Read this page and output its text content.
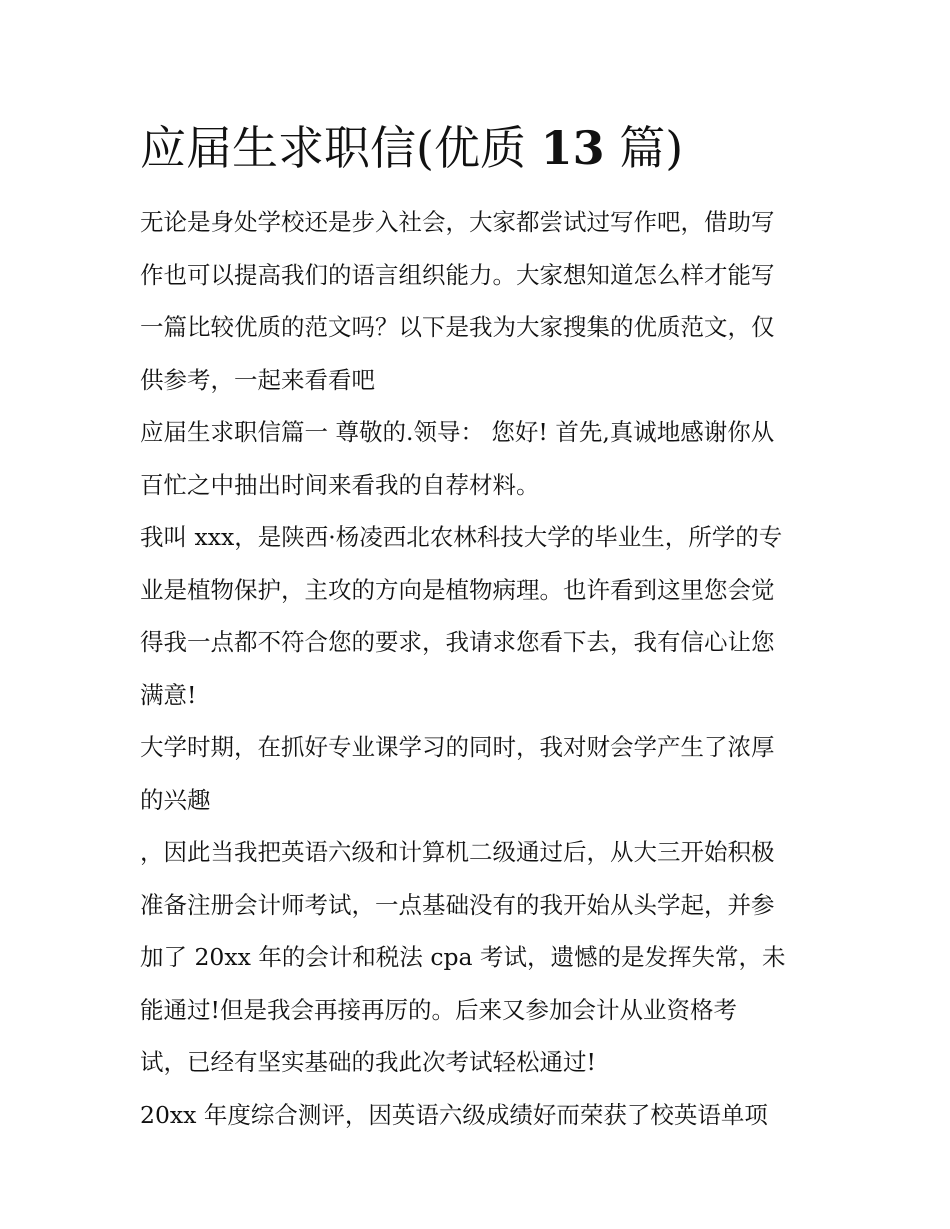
应届生求职信(优质 13 篇)
无论是身处学校还是步入社会，大家都尝试过写作吧，借助写
作也可以提高我们的语言组织能力。大家想知道怎么样才能写
一篇比较优质的范文吗？以下是我为大家搜集的优质范文，仅
供参考，一起来看看吧
应届生求职信篇一 尊敬的.领导： 您好! 首先,真诚地感谢你从
百忙之中抽出时间来看我的自荐材料。
我叫 xxx，是陕西·杨凌西北农林科技大学的毕业生，所学的专
业是植物保护，主攻的方向是植物病理。也许看到这里您会觉
得我一点都不符合您的要求，我请求您看下去，我有信心让您
满意!
大学时期，在抓好专业课学习的同时，我对财会学产生了浓厚
的兴趣
，因此当我把英语六级和计算机二级通过后，从大三开始积极
准备注册会计师考试，一点基础没有的我开始从头学起，并参
加了 20xx 年的会计和税法 cpa 考试，遗憾的是发挥失常，未
能通过!但是我会再接再厉的。后来又参加会计从业资格考
试，已经有坚实基础的我此次考试轻松通过!
20xx 年度综合测评，因英语六级成绩好而荣获了校英语单项
